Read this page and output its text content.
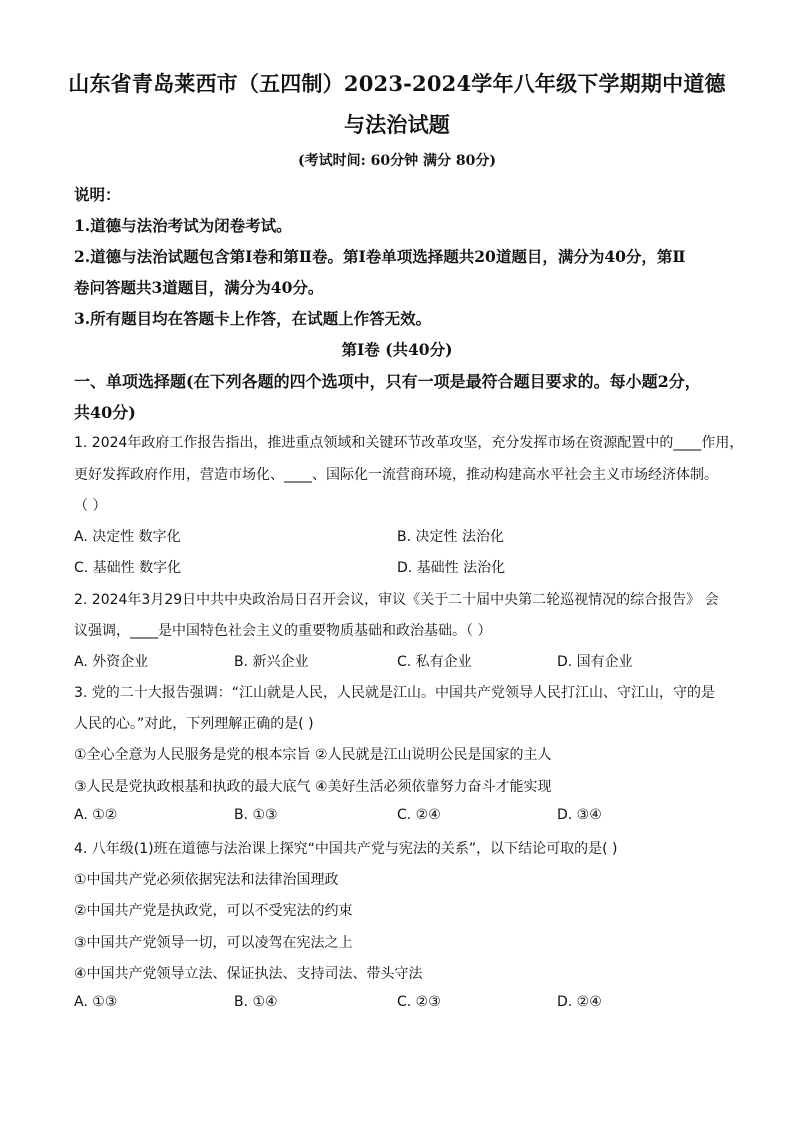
山东省青岛莱西市（五四制）2023-2024学年八年级下学期期中道德
与法治试题
(考试时间: 60分钟 满分 80分)
说明：
1.道德与法治考试为闭卷考试。
2.道德与法治试题包含第Ⅰ卷和第Ⅱ卷。第Ⅰ卷单项选择题共20道题目，满分为40分，第Ⅱ
卷问答题共3道题目，满分为40分。
3.所有题目均在答题卡上作答，在试题上作答无效。
第Ⅰ卷 (共40分)
一、单项选择题(在下列各题的四个选项中，只有一项是最符合题目要求的。每小题2分，
共40分)
1. 2024年政府工作报告指出，推进重点领域和关键环节改革攻坚，充分发挥市场在资源配置中的____作用，
更好发挥政府作用，营造市场化、____、国际化一流营商环境，推动构建高水平社会主义市场经济体制。
（ ）
A. 决定性 数字化	B. 决定性 法治化
C. 基础性 数字化	D. 基础性 法治化
2. 2024年3月29日中共中央政治局日召开会议，审议《关于二十届中央第二轮巡视情况的综合报告》 会
议强调，____是中国特色社会主义的重要物质基础和政治基础。（ ）
A. 外资企业	B. 新兴企业	C. 私有企业	D. 国有企业
3. 党的二十大报告强调：“江山就是人民，人民就是江山。中国共产党领导人民打江山、守江山，守的是
人民的心。”对此，下列理解正确的是( )
①全心全意为人民服务是党的根本宗旨 ②人民就是江山说明公民是国家的主人
③人民是党执政根基和执政的最大底气 ④美好生活必须依靠努力奋斗才能实现
A. ①②	B. ①③	C. ②④	D. ③④
4. 八年级(1)班在道德与法治课上探究“中国共产党与宪法的关系”，以下结论可取的是( )
①中国共产党必须依据宪法和法律治国理政
②中国共产党是执政党，可以不受宪法的约束
③中国共产党领导一切，可以凌驾在宪法之上
④中国共产党领导立法、保证执法、支持司法、带头守法
A. ①③	B. ①④	C. ②③	D. ②④
